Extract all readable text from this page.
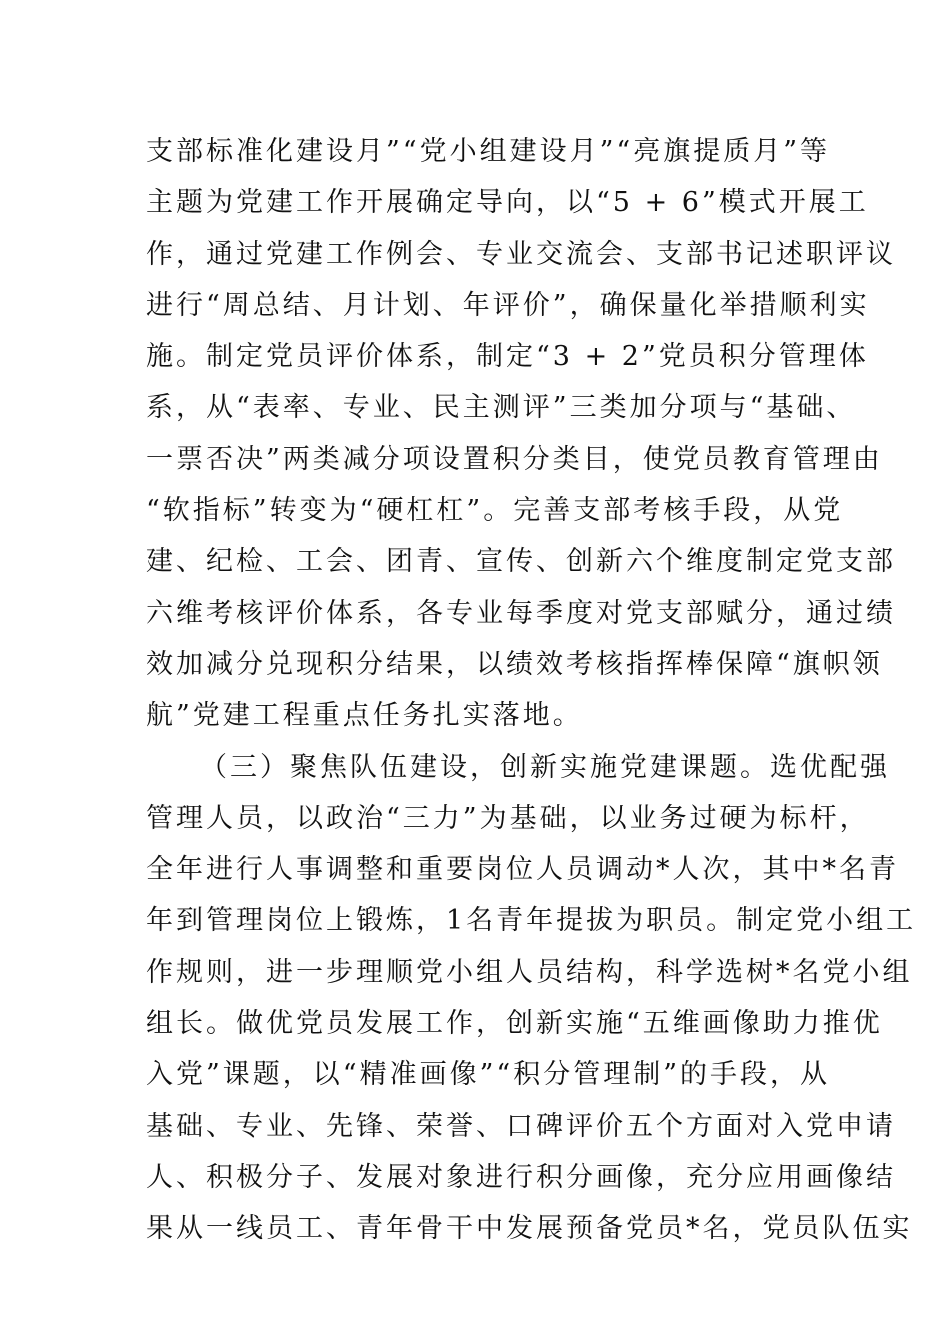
支部标准化建设月”“党小组建设月”“亮旗提质月”等
主题为党建工作开展确定导向，以“5 + 6”模式开展工
作，通过党建工作例会、专业交流会、支部书记述职评议
进行“周总结、月计划、年评价”，确保量化举措顺利实
施。制定党员评价体系，制定“3 + 2”党员积分管理体
系，从“表率、专业、民主测评”三类加分项与“基础、
一票否决”两类减分项设置积分类目，使党员教育管理由
“软指标”转变为“硬杠杠”。完善支部考核手段，从党
建、纪检、工会、团青、宣传、创新六个维度制定党支部
六维考核评价体系，各专业每季度对党支部赋分，通过绩
效加减分兑现积分结果，以绩效考核指挥棒保障“旗帜领
航”党建工程重点任务扎实落地。
（三）聚焦队伍建设，创新实施党建课题。选优配强
管理人员，以政治“三力”为基础，以业务过硬为标杆，
全年进行人事调整和重要岗位人员调动*人次，其中*名青
年到管理岗位上锻炼，1名青年提拔为职员。制定党小组工
作规则，进一步理顺党小组人员结构，科学选树*名党小组
组长。做优党员发展工作，创新实施“五维画像助力推优
入党”课题，以“精准画像”“积分管理制”的手段，从
基础、专业、先锋、荣誉、口碑评价五个方面对入党申请
人、积极分子、发展对象进行积分画像，充分应用画像结
果从一线员工、青年骨干中发展预备党员*名，党员队伍实
